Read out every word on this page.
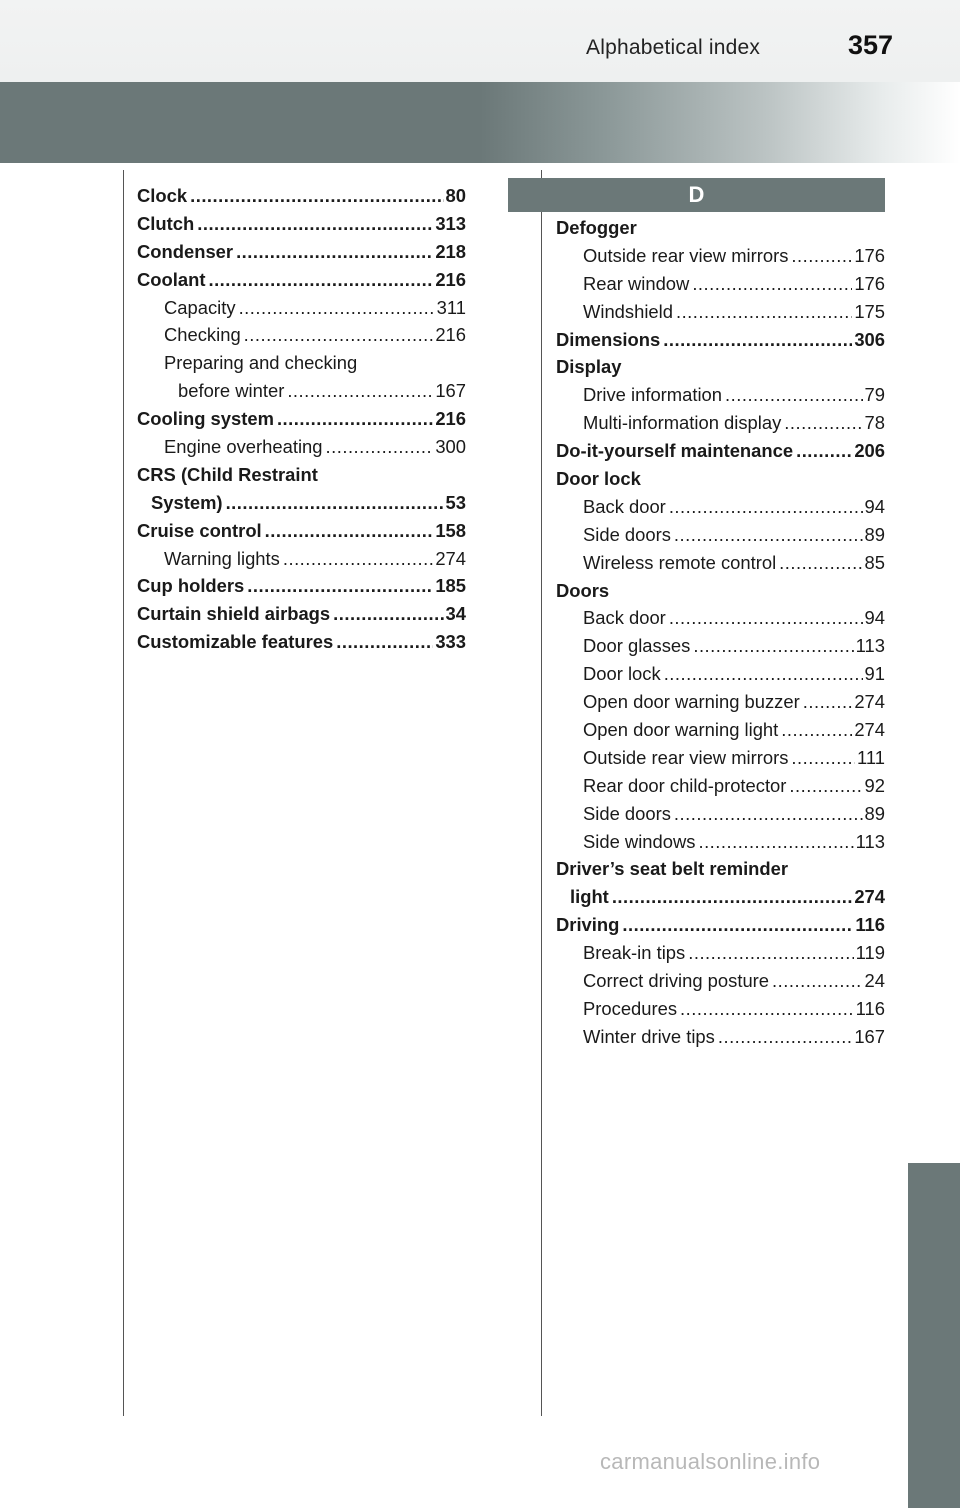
Alphabetical index	357
Clock .....	80
Clutch .....	313
Condenser .....	218
Coolant .....	216
Capacity .....	311
Checking .....	216
Preparing and checking
before winter .....	167
Cooling system .....	216
Engine overheating .....	300
CRS (Child Restraint
System) .....	53
Cruise control .....	158
Warning lights .....	274
Cup holders .....	185
Curtain shield airbags .....	34
Customizable features .....	333
D
Defogger
Outside rear view mirrors .....	176
Rear window .....	176
Windshield .....	175
Dimensions .....	306
Display
Drive information .....	79
Multi-information display .....	78
Do-it-yourself maintenance .....	206
Door lock
Back door .....	94
Side doors .....	89
Wireless remote control .....	85
Doors
Back door .....	94
Door glasses .....	113
Door lock .....	91
Open door warning buzzer .....	274
Open door warning light .....	274
Outside rear view mirrors .....	111
Rear door child-protector .....	92
Side doors .....	89
Side windows .....	113
Driver’s seat belt reminder
light .....	274
Driving .....	116
Break-in tips .....	119
Correct driving posture .....	24
Procedures .....	116
Winter drive tips .....	167
carmanualsonline.info
